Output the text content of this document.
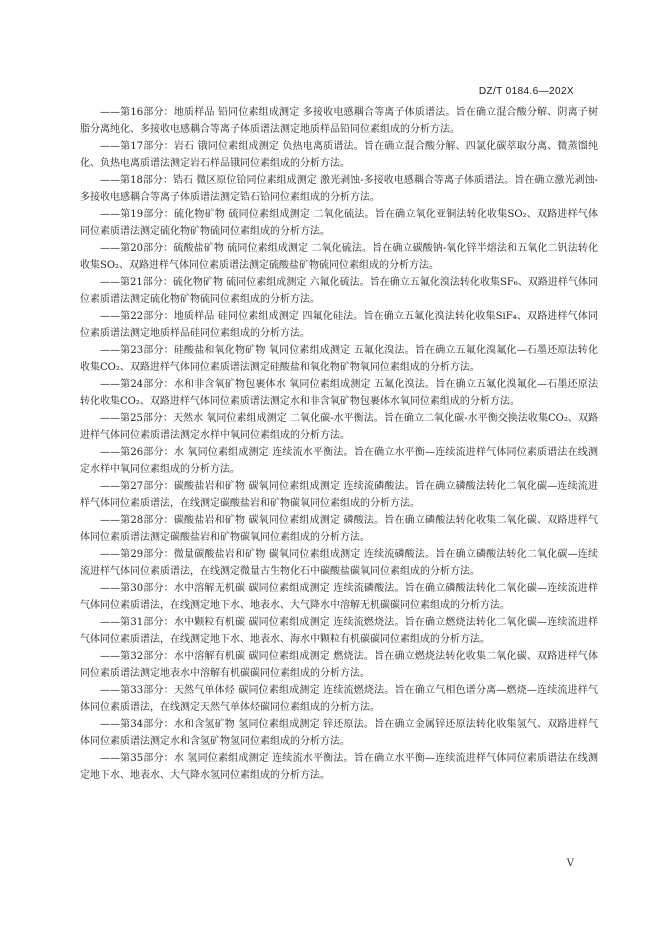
DZ/T 0184.6—202X

——第16部分：地质样品 铅同位素组成测定 多接收电感耦合等离子体质谱法。旨在确立混合酸分解、阴离子树脂分离纯化、多接收电感耦合等离子体质谱法测定地质样品铅同位素组成的分析方法。

——第17部分：岩石 锇同位素组成测定 负热电离质谱法。旨在确立混合酸分解、四氯化碳萃取分离、微蒸馏纯化、负热电离质谱法测定岩石样品锇同位素组成的分析方法。

——第18部分：锆石 微区原位铪同位素组成测定 激光剥蚀-多接收电感耦合等离子体质谱法。旨在确立激光剥蚀-多接收电感耦合等离子体质谱法测定锆石铪同位素组成的分析方法。

——第19部分：硫化物矿物 硫同位素组成测定 二氧化硫法。旨在确立氧化亚铜法转化收集SO₂、双路进样气体同位素质谱法测定硫化物矿物硫同位素组成的分析方法。

——第20部分：硫酸盐矿物 硫同位素组成测定 二氧化硫法。旨在确立碳酸钠-氧化锌半熔法和五氧化二钒法转化收集SO₂、双路进样气体同位素质谱法测定硫酸盐矿物硫同位素组成的分析方法。

——第21部分：硫化物矿物 硫同位素组成测定 六氟化硫法。旨在确立五氟化溴法转化收集SF₆、双路进样气体同位素质谱法测定硫化物矿物硫同位素组成的分析方法。

——第22部分：地质样品 硅同位素组成测定 四氟化硅法。旨在确立五氟化溴法转化收集SiF₄、双路进样气体同位素质谱法测定地质样品硅同位素组成的分析方法。

——第23部分：硅酸盐和氧化物矿物 氧同位素组成测定 五氟化溴法。旨在确立五氟化溴氟化—石墨还原法转化收集CO₂、双路进样气体同位素质谱法测定硅酸盐和氧化物矿物氧同位素组成的分析方法。

——第24部分：水和非含氧矿物包裹体水 氧同位素组成测定 五氟化溴法。旨在确立五氟化溴氟化—石墨还原法转化收集CO₂、双路进样气体同位素质谱法测定水和非含氧矿物包裹体水氧同位素组成的分析方法。

——第25部分：天然水 氧同位素组成测定 二氧化碳-水平衡法。旨在确立二氧化碳-水平衡交换法收集CO₂、双路进样气体同位素质谱法测定水样中氧同位素组成的分析方法。

——第26部分：水 氧同位素组成测定 连续流水平衡法。旨在确立水平衡—连续流进样气体同位素质谱法在线测定水样中氧同位素组成的分析方法。

——第27部分：碳酸盐岩和矿物 碳氧同位素组成测定 连续流磷酸法。旨在确立磷酸法转化二氧化碳—连续流进样气体同位素质谱法，在线测定碳酸盐岩和矿物碳氧同位素组成的分析方法。

——第28部分：碳酸盐岩和矿物 碳氧同位素组成测定 磷酸法。旨在确立磷酸法转化收集二氧化碳、双路进样气体同位素质谱法测定碳酸盐岩和矿物碳氧同位素组成的分析方法。

——第29部分：微量碳酸盐岩和矿物 碳氧同位素组成测定 连续流磷酸法。旨在确立磷酸法转化二氧化碳—连续流进样气体同位素质谱法，在线测定微量古生物化石中碳酸盐碳氧同位素组成的分析方法。

——第30部分：水中溶解无机碳 碳同位素组成测定 连续流磷酸法。旨在确立磷酸法转化二氧化碳—连续流进样气体同位素质谱法，在线测定地下水、地表水、大气降水中溶解无机碳碳同位素组成的分析方法。

——第31部分：水中颗粒有机碳 碳同位素组成测定 连续流燃烧法。旨在确立燃烧法转化二氧化碳—连续流进样气体同位素质谱法，在线测定地下水、地表水、海水中颗粒有机碳碳同位素组成的分析方法。

——第32部分：水中溶解有机碳 碳同位素组成测定 燃烧法。旨在确立燃烧法转化收集二氧化碳、双路进样气体同位素质谱法测定地表水中溶解有机碳碳同位素组成的分析方法。

——第33部分：天然气单体烃 碳同位素组成测定 连续流燃烧法。旨在确立气相色谱分离—燃烧—连续流进样气体同位素质谱法，在线测定天然气单体烃碳同位素组成的分析方法。

——第34部分：水和含氢矿物 氢同位素组成测定 锌还原法。旨在确立金属锌还原法转化收集氢气、双路进样气体同位素质谱法测定水和含氢矿物氢同位素组成的分析方法。

——第35部分：水 氢同位素组成测定 连续流水平衡法。旨在确立水平衡—连续流进样气体同位素质谱法在线测定地下水、地表水、大气降水氢同位素组成的分析方法。

V
